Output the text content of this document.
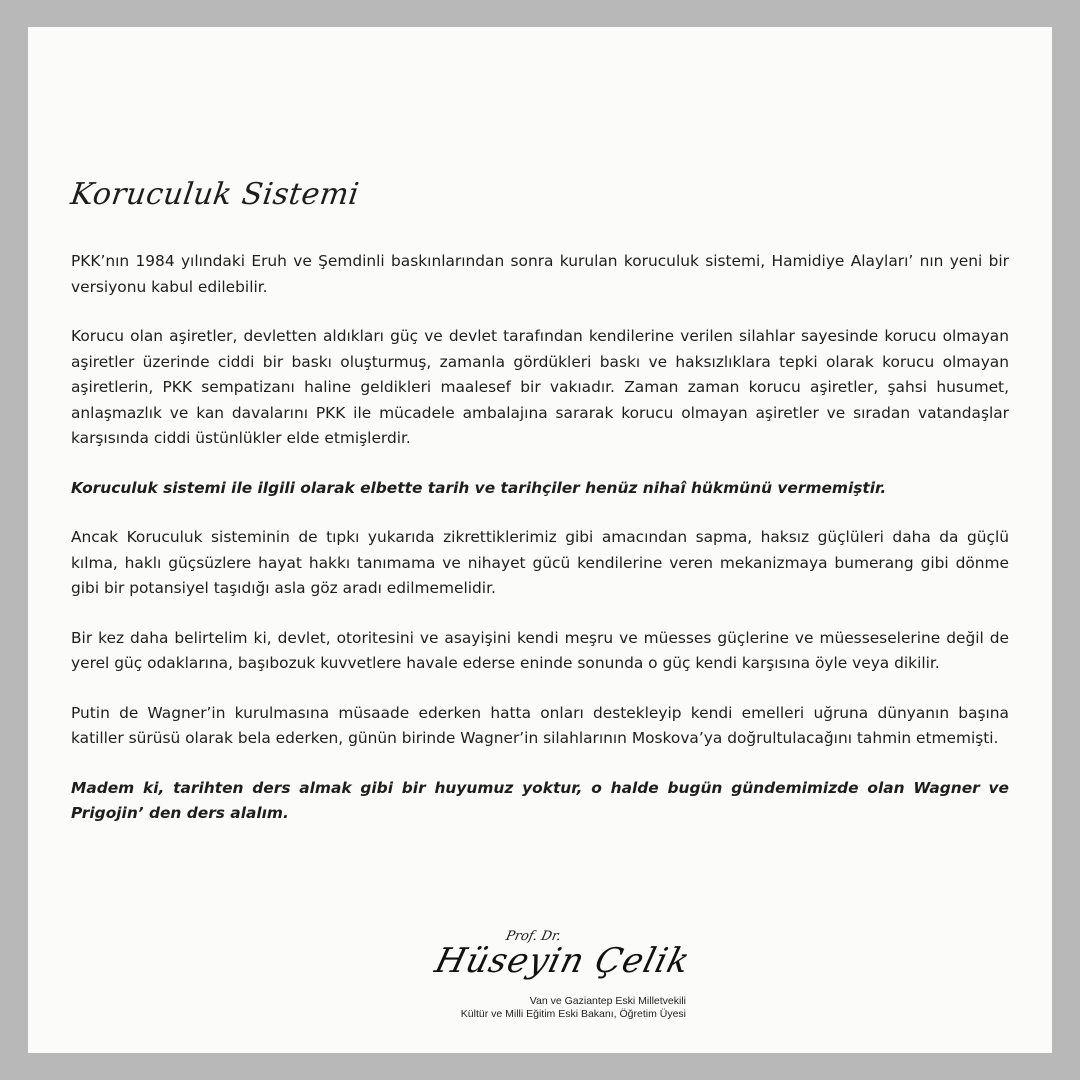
Koruculuk Sistemi

PKK’nın 1984 yılındaki Eruh ve Şemdinli baskınlarından sonra kurulan koruculuk sistemi, Hamidiye Alayları’ nın yeni bir versiyonu kabul edilebilir.

Korucu olan aşiretler, devletten aldıkları güç ve devlet tarafından kendilerine verilen silahlar sayesinde korucu olmayan aşiretler üzerinde ciddi bir baskı oluşturmuş, zamanla gördükleri baskı ve haksızlıklara tepki olarak korucu olmayan aşiretlerin, PKK sempatizanı haline geldikleri maalesef bir vakıadır. Zaman zaman korucu aşiretler, şahsi husumet, anlaşmazlık ve kan davalarını PKK ile mücadele ambalajına sararak korucu olmayan aşiretler ve sıradan vatandaşlar karşısında ciddi üstünlükler elde etmişlerdir.

Koruculuk sistemi ile ilgili olarak elbette tarih ve tarihçiler henüz nihaî hükmünü vermemiştir.

Ancak Koruculuk sisteminin de tıpkı yukarıda zikrettiklerimiz gibi amacından sapma, haksız güçlüleri daha da güçlü kılma, haklı güçsüzlere hayat hakkı tanımama ve nihayet gücü kendilerine veren mekanizmaya bumerang gibi dönme gibi bir potansiyel taşıdığı asla göz aradı edilmemelidir.

Bir kez daha belirtelim ki, devlet, otoritesini ve asayişini kendi meşru ve müesses güçlerine ve müesseselerine değil de yerel güç odaklarına, başıbozuk kuvvetlere havale ederse eninde sonunda o güç kendi karşısına öyle veya dikilir.

Putin de Wagner’in kurulmasına müsaade ederken hatta onları destekleyip kendi emelleri uğruna dünyanın başına katiller sürüsü olarak bela ederken, günün birinde Wagner’in silahlarının Moskova’ya doğrultulacağını tahmin etmemişti.

Madem ki, tarihten ders almak gibi bir huyumuz yoktur, o halde bugün gündemimizde olan Wagner ve Prigojin’ den ders alalım.

Prof. Dr.
Hüseyin Çelik
Van ve Gaziantep Eski Milletvekili
Kültür ve Milli Eğitim Eski Bakanı, Öğretim Üyesi
